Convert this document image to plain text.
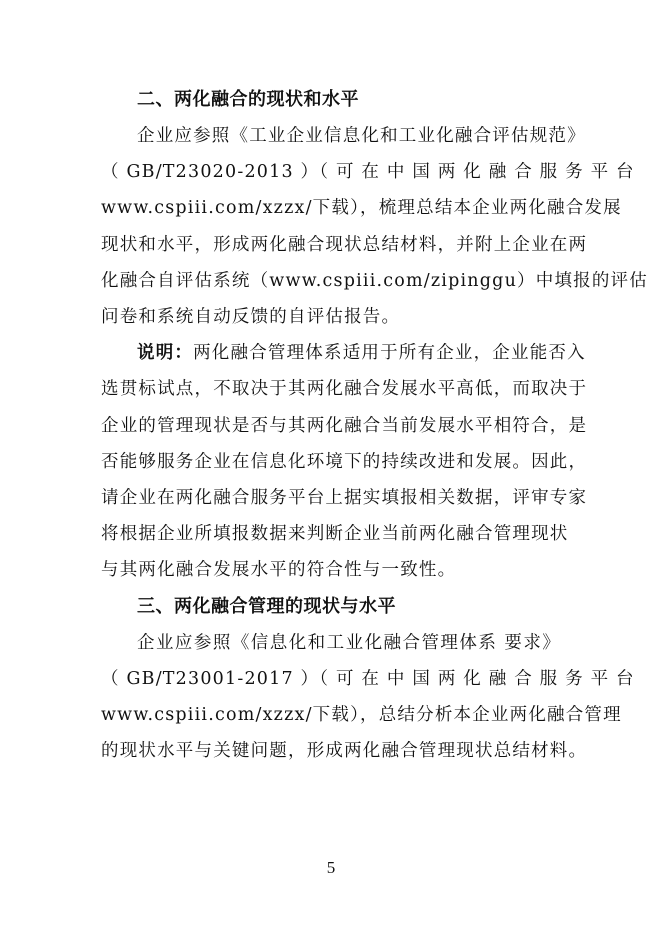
二、两化融合的现状和水平
企业应参照《工业企业信息化和工业化融合评估规范》
（ GB/T23020-2013 ）（ 可 在 中 国 两 化 融 合 服 务 平 台
www.cspiii.com/xzzx/下载），梳理总结本企业两化融合发展
现状和水平，形成两化融合现状总结材料，并附上企业在两
化融合自评估系统（www.cspiii.com/zipinggu）中填报的评估
问卷和系统自动反馈的自评估报告。
说明：两化融合管理体系适用于所有企业，企业能否入
选贯标试点，不取决于其两化融合发展水平高低，而取决于
企业的管理现状是否与其两化融合当前发展水平相符合，是
否能够服务企业在信息化环境下的持续改进和发展。因此，
请企业在两化融合服务平台上据实填报相关数据，评审专家
将根据企业所填报数据来判断企业当前两化融合管理现状
与其两化融合发展水平的符合性与一致性。
三、两化融合管理的现状与水平
企业应参照《信息化和工业化融合管理体系 要求》
（ GB/T23001-2017 ）（ 可 在 中 国 两 化 融 合 服 务 平 台
www.cspiii.com/xzzx/下载），总结分析本企业两化融合管理
的现状水平与关键问题，形成两化融合管理现状总结材料。
5
